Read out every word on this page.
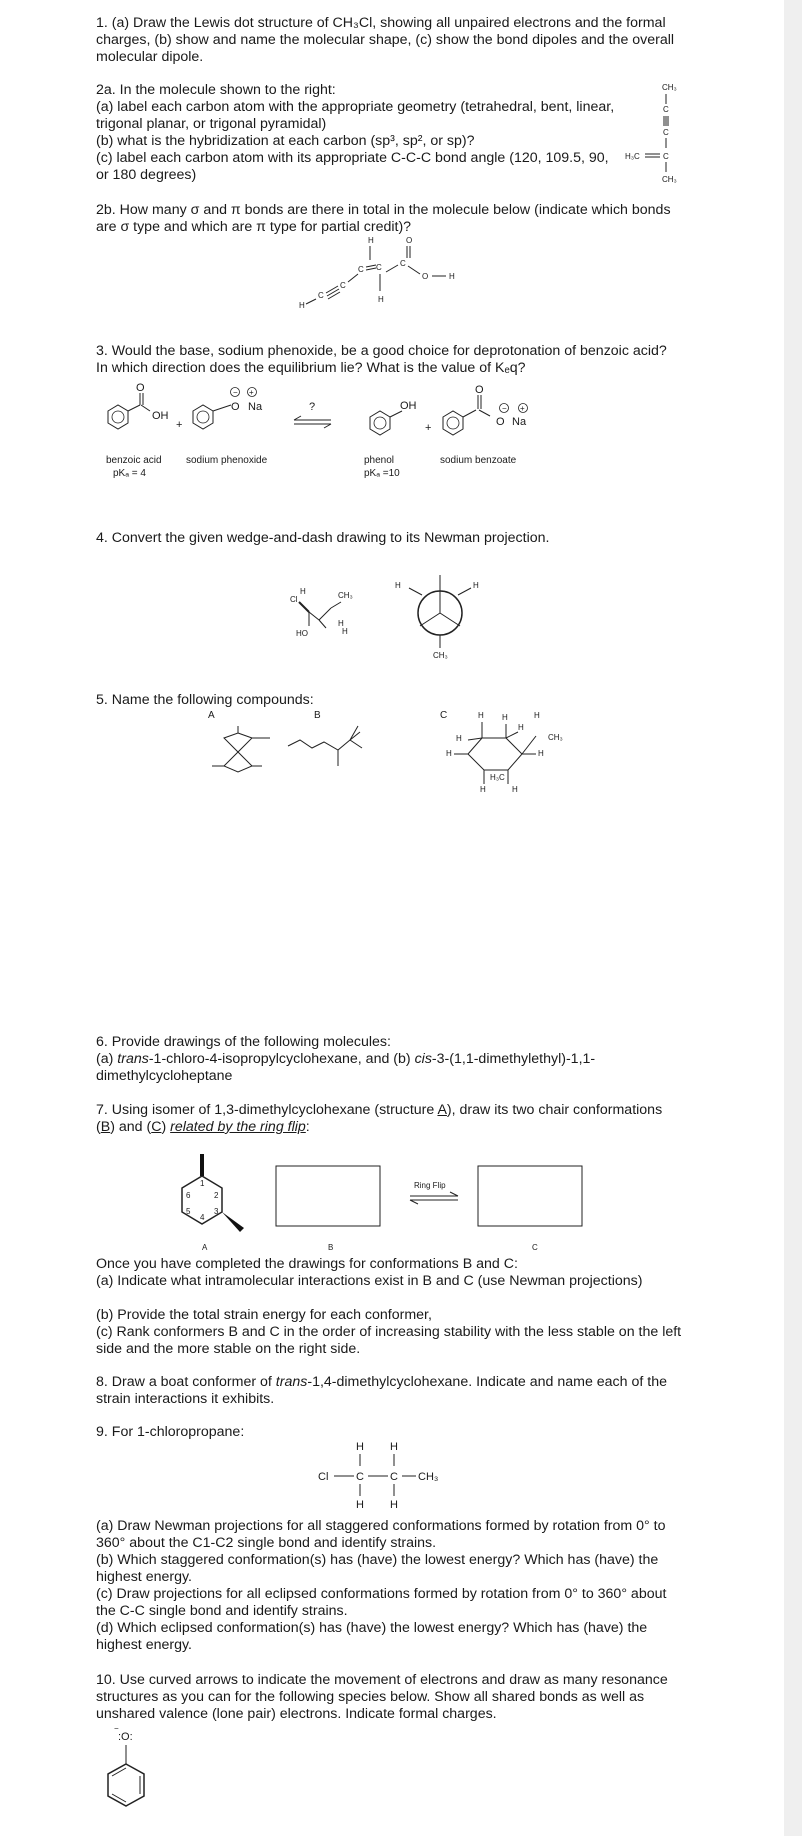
1. (a) Draw the Lewis dot structure of CH₃Cl, showing all unpaired electrons and the formal charges, (b) show and name the molecular shape, (c) show the bond dipoles and the overall molecular dipole.

2a. In the molecule shown to the right:

(a) label each carbon atom with the appropriate geometry (tetrahedral, bent, linear, trigonal planar, or trigonal pyramidal)

(b) what is the hybridization at each carbon (sp³, sp², or sp)?

(c) label each carbon atom with its appropriate C-C-C bond angle (120, 109.5, 90, or 180 degrees)

CH₃
C
C
H₃C	C
CH₃

2b. How many σ and π bonds are there in total in the molecule below (indicate which bonds are σ type and which are π type for partial credit)?

H	O
H
C
C
C C
H
C
O	H

3. Would the base, sodium phenoxide, be a good choice for deprotonation of benzoic acid? In which direction does the equilibrium lie? What is the value of Kₑq?

O
OH
+
− +
O Na	?	OH
+
O
− +
O Na
benzoic acid
pKₐ = 4
sodium phenoxide	phenol
pKₐ =10
sodium benzoate

4. Convert the given wedge-and-dash drawing to its Newman projection.

Cl
H
HO
CH₃
H
H
H	H
CH₃

5. Name the following compounds:

A	B	C	H
H
H
H
H
H
H
H	H
CH₃
H₃C

6. Provide drawings of the following molecules:

(a) trans-1-chloro-4-isopropylcyclohexane, and (b) cis-3-(1,1-dimethylethyl)-1,1-dimethylcycloheptane

7. Using isomer of 1,3-dimethylcyclohexane (structure A), draw its two chair conformations (B) and (C) related by the ring flip:

1
2
3
4
5
6
A	B
Ring Flip
C

Once you have completed the drawings for conformations B and C:

(a) Indicate what intramolecular interactions exist in B and C (use Newman projections)

(b) Provide the total strain energy for each conformer,

(c) Rank conformers B and C in the order of increasing stability with the less stable on the left side and the more stable on the right side.

8. Draw a boat conformer of trans-1,4-dimethylcyclohexane. Indicate and name each of the strain interactions it exhibits.

9. For 1-chloropropane:

H H
Cl	C C CH₃
H H

(a) Draw Newman projections for all staggered conformations formed by rotation from 0° to 360° about the C1-C2 single bond and identify strains.

(b) Which staggered conformation(s) has (have) the lowest energy? Which has (have) the highest energy.

(c) Draw projections for all eclipsed conformations formed by rotation from 0° to 360° about the C-C single bond and identify strains.

(d) Which eclipsed conformation(s) has (have) the lowest energy? Which has (have) the highest energy.

10. Use curved arrows to indicate the movement of electrons and draw as many resonance structures as you can for the following species below. Show all shared bonds as well as unshared valence (lone pair) electrons. Indicate formal charges.

:O:
−
